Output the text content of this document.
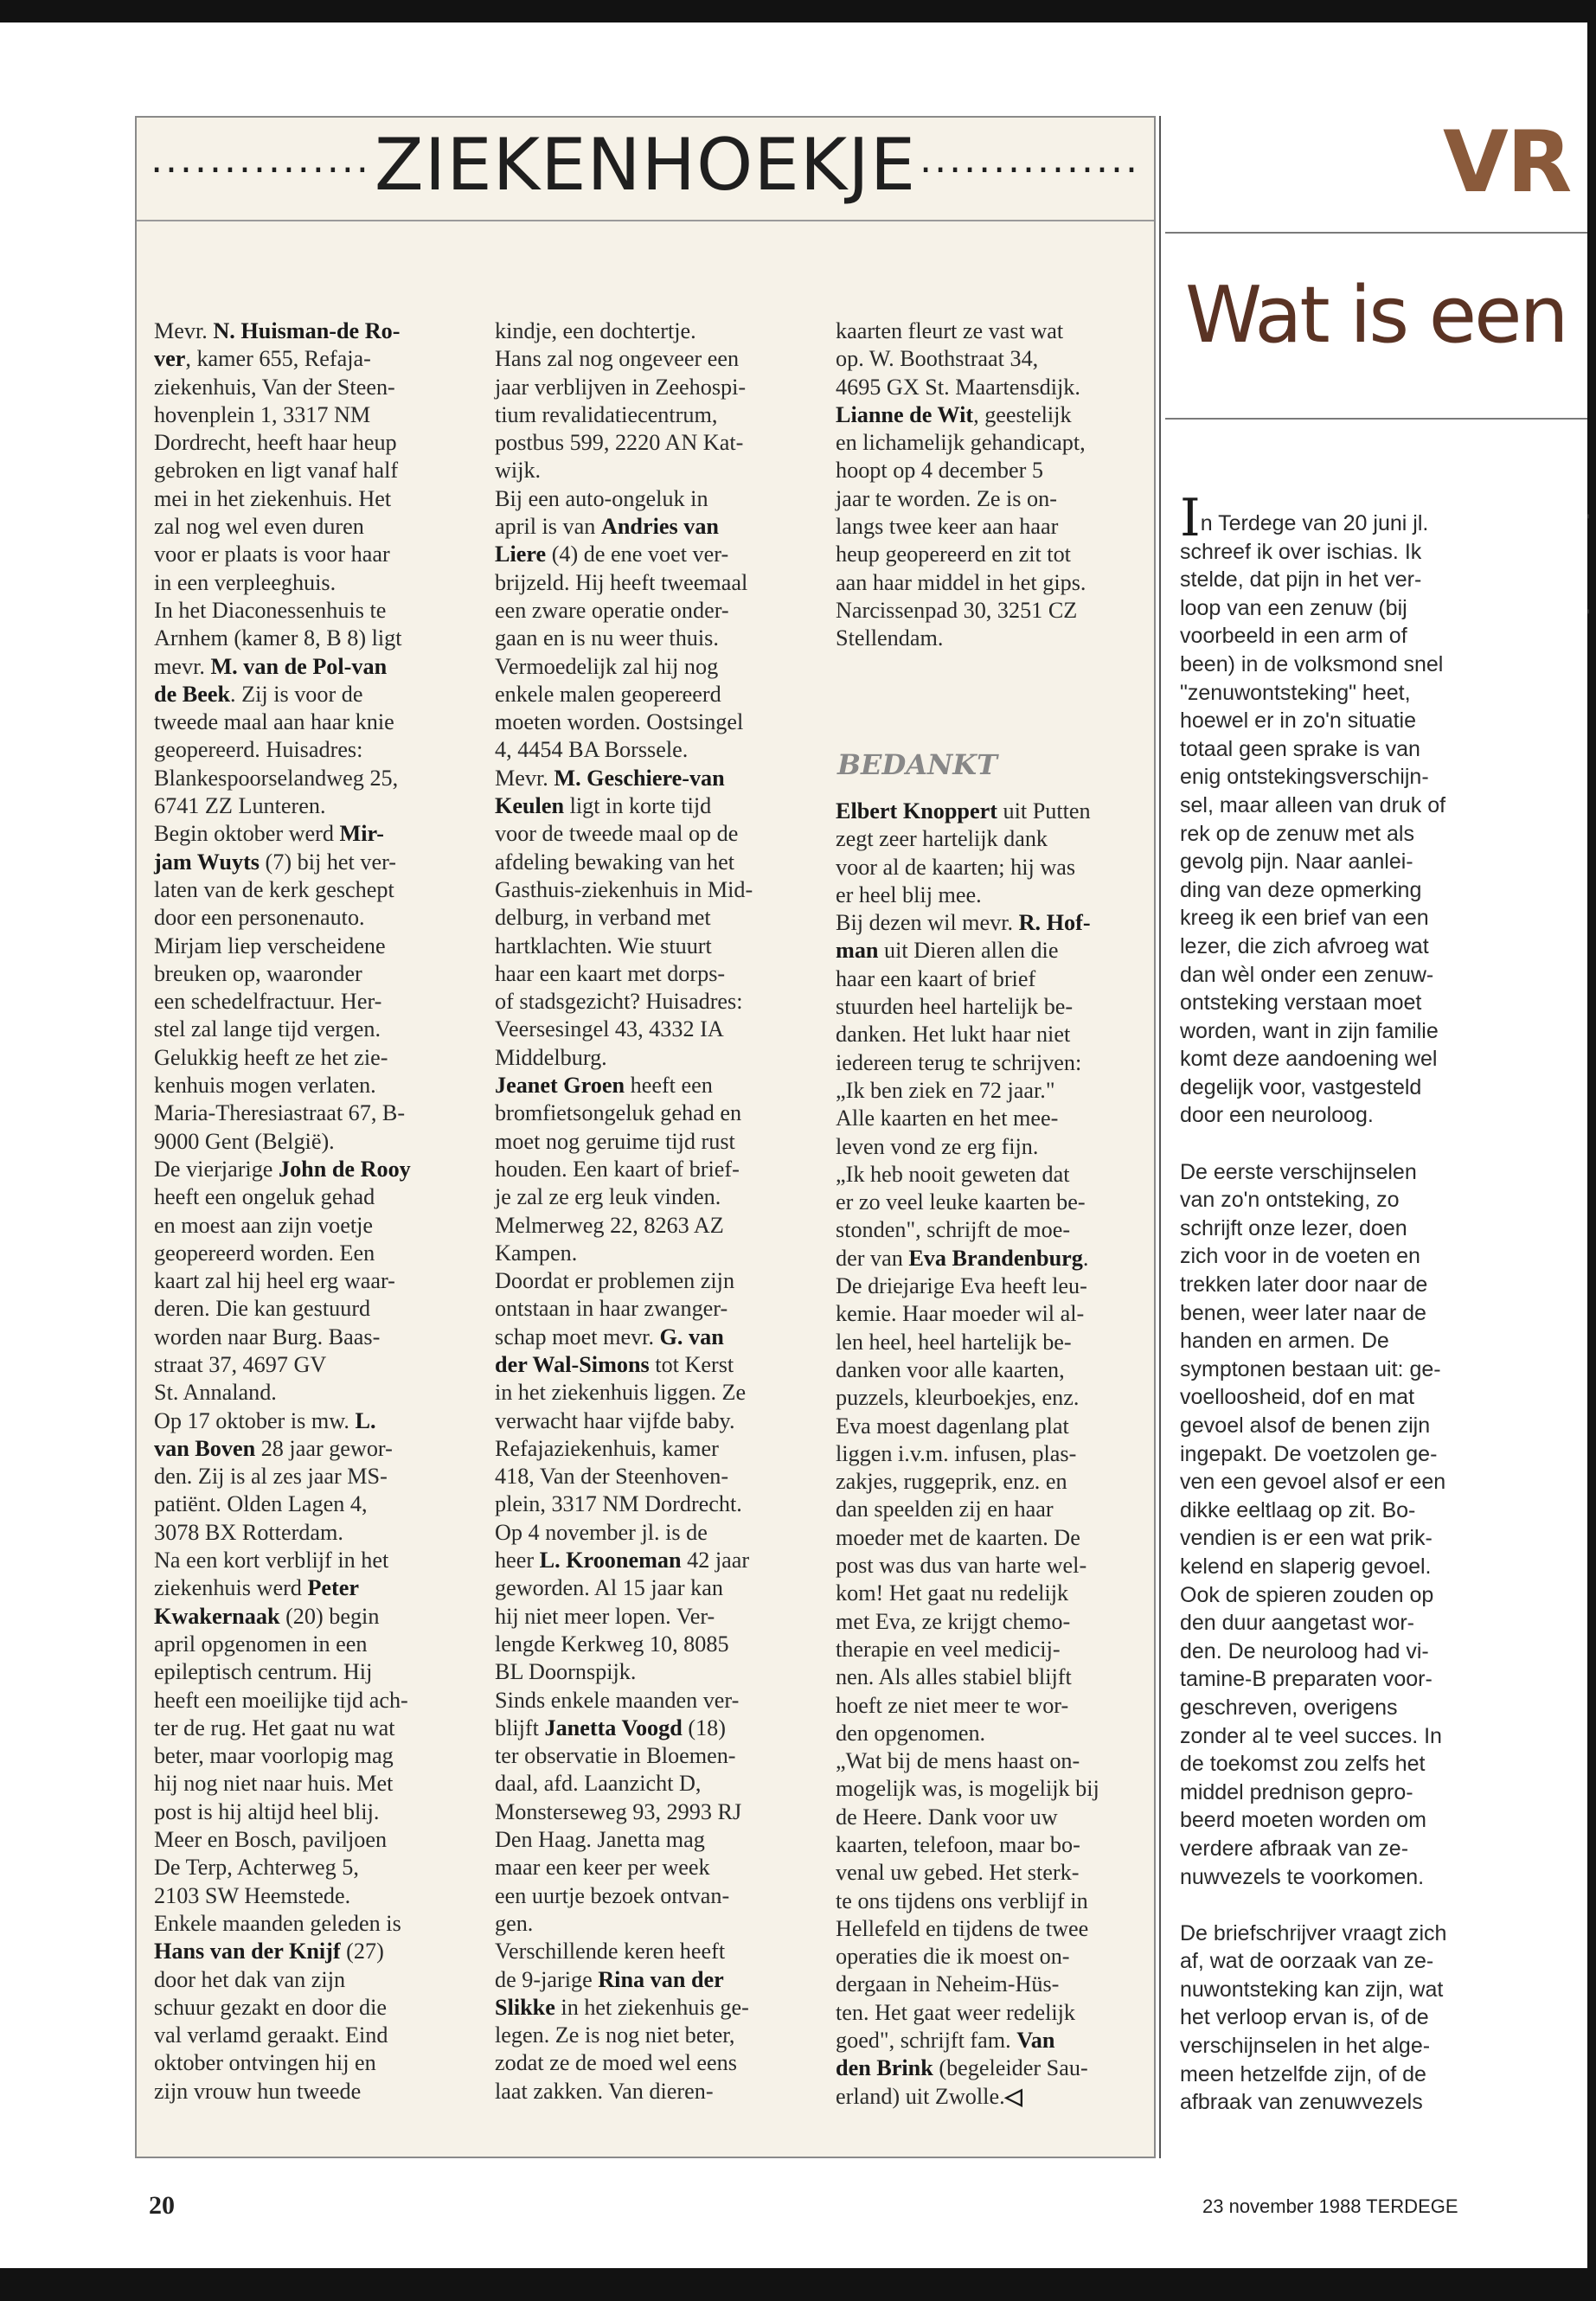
............... ZIEKENHOEKJE ...............
Mevr. N. Huisman-de Ro-
ver, kamer 655, Refaja-
ziekenhuis, Van der Steen-
hovenplein 1, 3317 NM
Dordrecht, heeft haar heup
gebroken en ligt vanaf half
mei in het ziekenhuis. Het
zal nog wel even duren
voor er plaats is voor haar
in een verpleeghuis.
In het Diaconessenhuis te
Arnhem (kamer 8, B 8) ligt
mevr. M. van de Pol-van
de Beek. Zij is voor de
tweede maal aan haar knie
geopereerd. Huisadres:
Blankespoorselandweg 25,
6741 ZZ Lunteren.
Begin oktober werd Mir-
jam Wuyts (7) bij het ver-
laten van de kerk geschept
door een personenauto.
Mirjam liep verscheidene
breuken op, waaronder
een schedelfractuur. Her-
stel zal lange tijd vergen.
Gelukkig heeft ze het zie-
kenhuis mogen verlaten.
Maria-Theresiastraat 67, B-
9000 Gent (België).
De vierjarige John de Rooy
heeft een ongeluk gehad
en moest aan zijn voetje
geopereerd worden. Een
kaart zal hij heel erg waar-
deren. Die kan gestuurd
worden naar Burg. Baas-
straat 37, 4697 GV
St. Annaland.
Op 17 oktober is mw. L.
van Boven 28 jaar gewor-
den. Zij is al zes jaar MS-
patiënt. Olden Lagen 4,
3078 BX Rotterdam.
Na een kort verblijf in het
ziekenhuis werd Peter
Kwakernaak (20) begin
april opgenomen in een
epileptisch centrum. Hij
heeft een moeilijke tijd ach-
ter de rug. Het gaat nu wat
beter, maar voorlopig mag
hij nog niet naar huis. Met
post is hij altijd heel blij.
Meer en Bosch, paviljoen
De Terp, Achterweg 5,
2103 SW Heemstede.
Enkele maanden geleden is
Hans van der Knijf (27)
door het dak van zijn
schuur gezakt en door die
val verlamd geraakt. Eind
oktober ontvingen hij en
zijn vrouw hun tweede
kindje, een dochtertje.
Hans zal nog ongeveer een
jaar verblijven in Zeehospi-
tium revalidatiecentrum,
postbus 599, 2220 AN Kat-
wijk.
Bij een auto-ongeluk in
april is van Andries van
Liere (4) de ene voet ver-
brijzeld. Hij heeft tweemaal
een zware operatie onder-
gaan en is nu weer thuis.
Vermoedelijk zal hij nog
enkele malen geopereerd
moeten worden. Oostsingel
4, 4454 BA Borssele.
Mevr. M. Geschiere-van
Keulen ligt in korte tijd
voor de tweede maal op de
afdeling bewaking van het
Gasthuis-ziekenhuis in Mid-
delburg, in verband met
hartklachten. Wie stuurt
haar een kaart met dorps-
of stadsgezicht? Huisadres:
Veersesingel 43, 4332 IA
Middelburg.
Jeanet Groen heeft een
bromfietsongeluk gehad en
moet nog geruime tijd rust
houden. Een kaart of brief-
je zal ze erg leuk vinden.
Melmerweg 22, 8263 AZ
Kampen.
Doordat er problemen zijn
ontstaan in haar zwanger-
schap moet mevr. G. van
der Wal-Simons tot Kerst
in het ziekenhuis liggen. Ze
verwacht haar vijfde baby.
Refajaziekenhuis, kamer
418, Van der Steenhoven-
plein, 3317 NM Dordrecht.
Op 4 november jl. is de
heer L. Krooneman 42 jaar
geworden. Al 15 jaar kan
hij niet meer lopen. Ver-
lengde Kerkweg 10, 8085
BL Doornspijk.
Sinds enkele maanden ver-
blijft Janetta Voogd (18)
ter observatie in Bloemen-
daal, afd. Laanzicht D,
Monsterseweg 93, 2993 RJ
Den Haag. Janetta mag
maar een keer per week
een uurtje bezoek ontvan-
gen.
Verschillende keren heeft
de 9-jarige Rina van der
Slikke in het ziekenhuis ge-
legen. Ze is nog niet beter,
zodat ze de moed wel eens
laat zakken. Van dieren-
kaarten fleurt ze vast wat
op. W. Boothstraat 34,
4695 GX St. Maartensdijk.
Lianne de Wit, geestelijk
en lichamelijk gehandicapt,
hoopt op 4 december 5
jaar te worden. Ze is on-
langs twee keer aan haar
heup geopereerd en zit tot
aan haar middel in het gips.
Narcissenpad 30, 3251 CZ
Stellendam.
BEDANKT
Elbert Knoppert uit Putten
zegt zeer hartelijk dank
voor al de kaarten; hij was
er heel blij mee.
Bij dezen wil mevr. R. Hof-
man uit Dieren allen die
haar een kaart of brief
stuurden heel hartelijk be-
danken. Het lukt haar niet
iedereen terug te schrijven:
„Ik ben ziek en 72 jaar."
Alle kaarten en het mee-
leven vond ze erg fijn.
„Ik heb nooit geweten dat
er zo veel leuke kaarten be-
stonden", schrijft de moe-
der van Eva Brandenburg.
De driejarige Eva heeft leu-
kemie. Haar moeder wil al-
len heel, heel hartelijk be-
danken voor alle kaarten,
puzzels, kleurboekjes, enz.
Eva moest dagenlang plat
liggen i.v.m. infusen, plas-
zakjes, ruggeprik, enz. en
dan speelden zij en haar
moeder met de kaarten. De
post was dus van harte wel-
kom! Het gaat nu redelijk
met Eva, ze krijgt chemo-
therapie en veel medicij-
nen. Als alles stabiel blijft
hoeft ze niet meer te wor-
den opgenomen.
„Wat bij de mens haast on-
mogelijk was, is mogelijk bij
de Heere. Dank voor uw
kaarten, telefoon, maar bo-
venal uw gebed. Het sterk-
te ons tijdens ons verblijf in
Hellefeld en tijdens de twee
operaties die ik moest on-
dergaan in Neheim-Hüs-
ten. Het gaat weer redelijk
goed", schrijft fam. Van
den Brink (begeleider Sau-
erland) uit Zwolle.◁
VR
Wat is een
In Terdege van 20 juni jl.
schreef ik over ischias. Ik
stelde, dat pijn in het ver-
loop van een zenuw (bij
voorbeeld in een arm of
been) in de volksmond snel
"zenuwontsteking" heet,
hoewel er in zo'n situatie
totaal geen sprake is van
enig ontstekingsverschijn-
sel, maar alleen van druk of
rek op de zenuw met als
gevolg pijn. Naar aanlei-
ding van deze opmerking
kreeg ik een brief van een
lezer, die zich afvroeg wat
dan wèl onder een zenuw-
ontsteking verstaan moet
worden, want in zijn familie
komt deze aandoening wel
degelijk voor, vastgesteld
door een neuroloog.

De eerste verschijnselen
van zo'n ontsteking, zo
schrijft onze lezer, doen
zich voor in de voeten en
trekken later door naar de
benen, weer later naar de
handen en armen. De
symptonen bestaan uit: ge-
voelloosheid, dof en mat
gevoel alsof de benen zijn
ingepakt. De voetzolen ge-
ven een gevoel alsof er een
dikke eeltlaag op zit. Bo-
vendien is er een wat prik-
kelend en slaperig gevoel.
Ook de spieren zouden op
den duur aangetast wor-
den. De neuroloog had vi-
tamine-B preparaten voor-
geschreven, overigens
zonder al te veel succes. In
de toekomst zou zelfs het
middel prednison gepro-
beerd moeten worden om
verdere afbraak van ze-
nuwvezels te voorkomen.

De briefschrijver vraagt zich
af, wat de oorzaak van ze-
nuwontsteking kan zijn, wat
het verloop ervan is, of de
verschijnselen in het alge-
meen hetzelfde zijn, of de
afbraak van zenuwvezels
'
'
20	23 november 1988 TERDEGE
